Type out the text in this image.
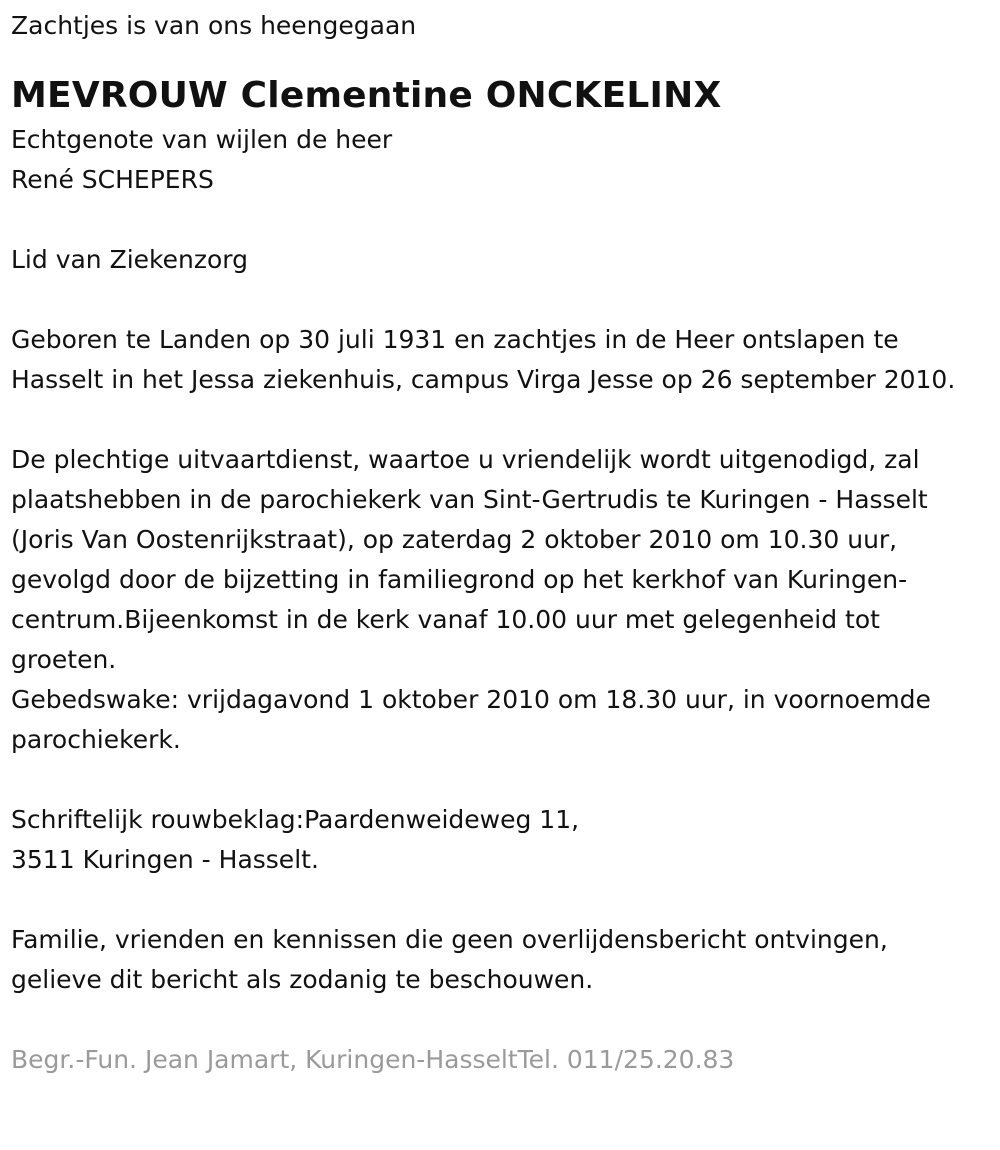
Zachtjes is van ons heengegaan

MEVROUW Clementine ONCKELINX
Echtgenote van wijlen de heer
René SCHEPERS

Lid van Ziekenzorg

Geboren te Landen op 30 juli 1931 en zachtjes in de Heer ontslapen te Hasselt in het Jessa ziekenhuis, campus Virga Jesse op 26 september 2010.

De plechtige uitvaartdienst, waartoe u vriendelijk wordt uitgenodigd, zal plaatshebben in de parochiekerk van Sint-Gertrudis te Kuringen - Hasselt (Joris Van Oostenrijkstraat), op zaterdag 2 oktober 2010 om 10.30 uur, gevolgd door de bijzetting in familiegrond op het kerkhof van Kuringen-centrum.Bijeenkomst in de kerk vanaf 10.00 uur met gelegenheid tot groeten.

Gebedswake: vrijdagavond 1 oktober 2010 om 18.30 uur, in voornoemde parochiekerk.

Schriftelijk rouwbeklag:Paardenweideweg 11,
3511 Kuringen - Hasselt.

Familie, vrienden en kennissen die geen overlijdensbericht ontvingen, gelieve dit bericht als zodanig te beschouwen.

Begr.-Fun. Jean Jamart, Kuringen-HasseltTel. 011/25.20.83
